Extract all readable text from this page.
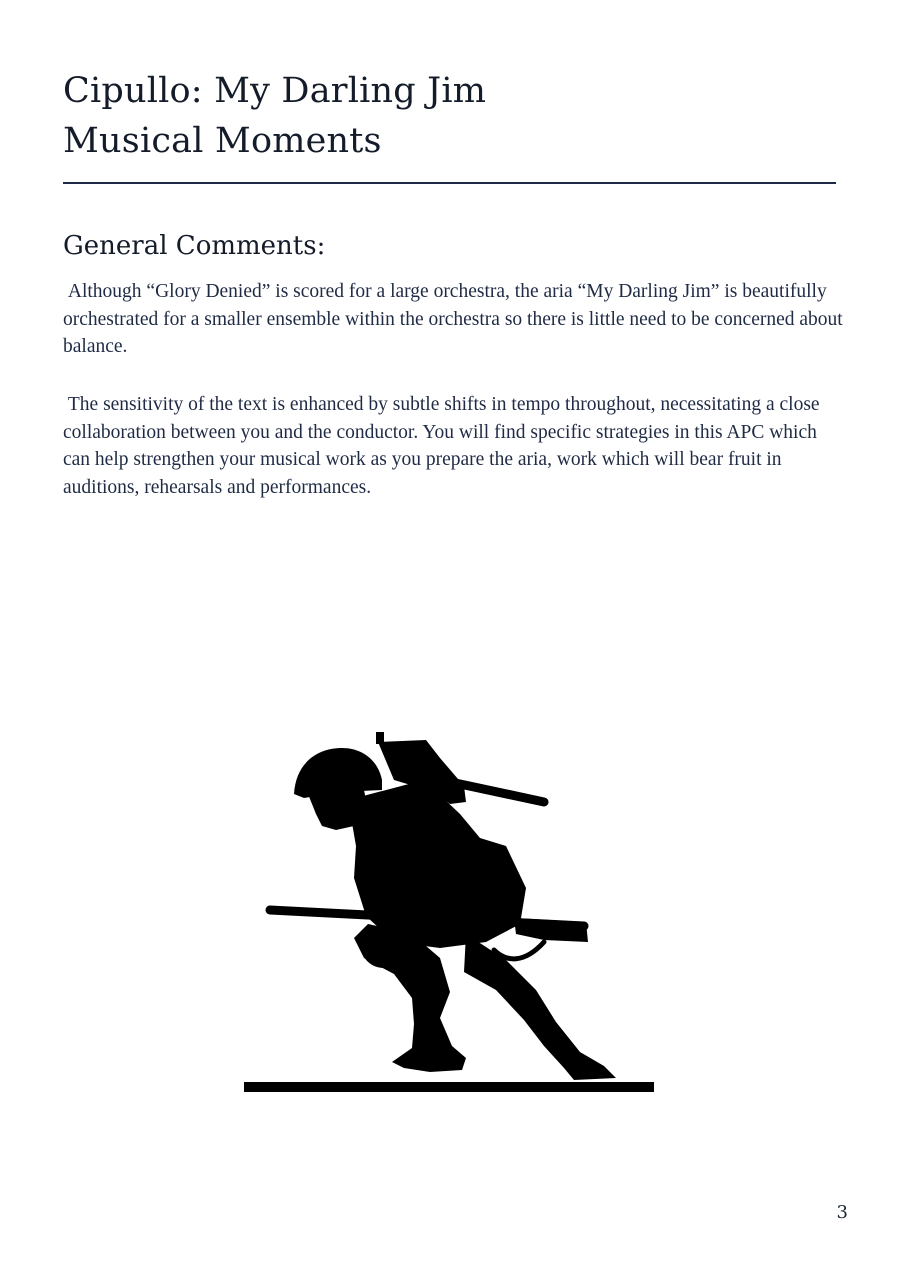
Cipullo: My Darling Jim
Musical Moments
General Comments:

Although “Glory Denied” is scored for a large orchestra, the aria “My Darling Jim” is beautifully orchestrated for a smaller ensemble within the orchestra so there is little need to be concerned about balance.

The sensitivity of the text is enhanced by subtle shifts in tempo throughout, necessitating a close collaboration between you and the conductor. You will find specific strategies in this APC which can help strengthen your musical work as you prepare the aria, work which will bear fruit in auditions, rehearsals and performances.

3
